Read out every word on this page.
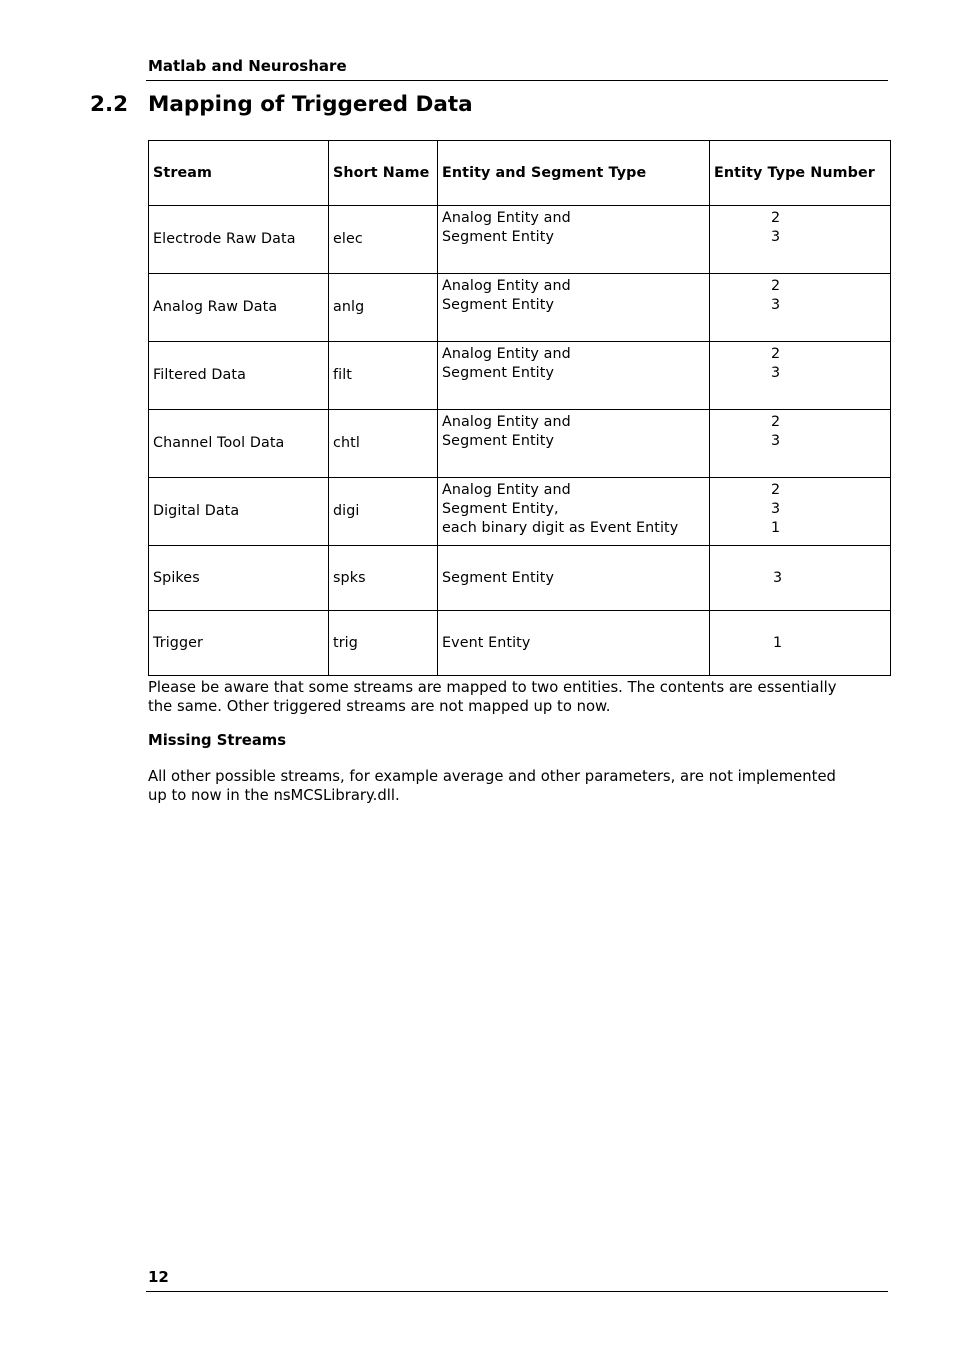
Matlab and Neuroshare
2.2 Mapping of Triggered Data
Stream	Short Name	Entity and Segment Type	Entity Type Number
Electrode Raw Data	elec	Analog Entity and
Segment Entity	2
3

Analog Raw Data	anlg	Analog Entity and
Segment Entity	2
3

Filtered Data	filt	Analog Entity and
Segment Entity	2
3

Channel Tool Data	chtl	Analog Entity and
Segment Entity	2
3

Digital Data	digi	Analog Entity and
Segment Entity,
each binary digit as Event Entity	2
3
1

Spikes	spks	Segment Entity	3

Trigger	trig	Event Entity	1
Please be aware that some streams are mapped to two entities. The contents are essentially
the same. Other triggered streams are not mapped up to now.
Missing Streams
All other possible streams, for example average and other parameters, are not implemented
up to now in the nsMCSLibrary.dll.
12
